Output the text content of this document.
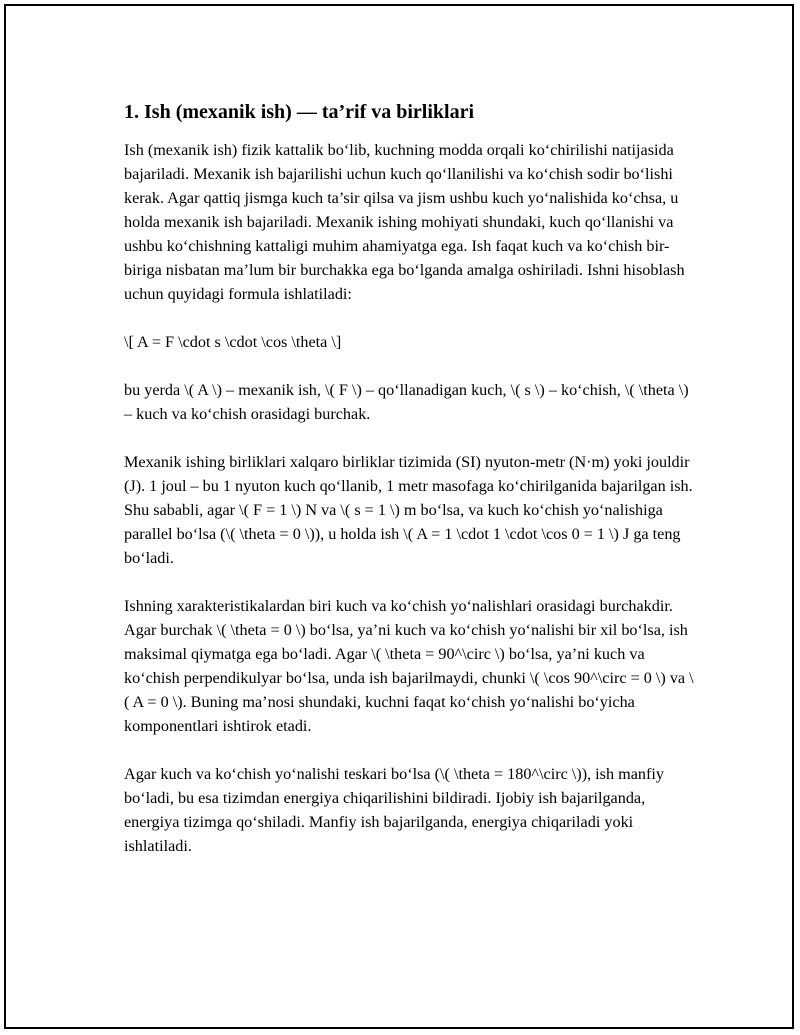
1. Ish (mexanik ish) — ta’rif va birliklari

Ish (mexanik ish) fizik kattalik bo‘lib, kuchning modda orqali ko‘chirilishi natijasida bajariladi. Mexanik ish bajarilishi uchun kuch qo‘llanilishi va ko‘chish sodir bo‘lishi kerak. Agar qattiq jismga kuch ta’sir qilsa va jism ushbu kuch yo‘nalishida ko‘chsa, u holda mexanik ish bajariladi. Mexanik ishing mohiyati shundaki, kuch qo‘llanishi va ushbu ko‘chishning kattaligi muhim ahamiyatga ega. Ish faqat kuch va ko‘chish bir-biriga nisbatan ma’lum bir burchakka ega bo‘lganda amalga oshiriladi. Ishni hisoblash uchun quyidagi formula ishlatiladi:

\[ A = F \cdot s \cdot \cos \theta \]

bu yerda \( A \) – mexanik ish, \( F \) – qo‘llanadigan kuch, \( s \) – ko‘chish, \( \theta \) – kuch va ko‘chish orasidagi burchak.

Mexanik ishing birliklari xalqaro birliklar tizimida (SI) nyuton-metr (N·m) yoki jouldir (J). 1 joul – bu 1 nyuton kuch qo‘llanib, 1 metr masofaga ko‘chirilganida bajarilgan ish. Shu sababli, agar \( F = 1 \) N va \( s = 1 \) m bo‘lsa, va kuch ko‘chish yo‘nalishiga parallel bo‘lsa (\( \theta = 0 \)), u holda ish \( A = 1 \cdot 1 \cdot \cos 0 = 1 \) J ga teng bo‘ladi.

Ishning xarakteristikalardan biri kuch va ko‘chish yo‘nalishlari orasidagi burchakdir. Agar burchak \( \theta = 0 \) bo‘lsa, ya’ni kuch va ko‘chish yo‘nalishi bir xil bo‘lsa, ish maksimal qiymatga ega bo‘ladi. Agar \( \theta = 90^\circ \) bo‘lsa, ya’ni kuch va ko‘chish perpendikulyar bo‘lsa, unda ish bajarilmaydi, chunki \( \cos 90^\circ = 0 \) va \( A = 0 \). Buning ma’nosi shundaki, kuchni faqat ko‘chish yo‘nalishi bo‘yicha komponentlari ishtirok etadi.

Agar kuch va ko‘chish yo‘nalishi teskari bo‘lsa (\( \theta = 180^\circ \)), ish manfiy bo‘ladi, bu esa tizimdan energiya chiqarilishini bildiradi. Ijobiy ish bajarilganda, energiya tizimga qo‘shiladi. Manfiy ish bajarilganda, energiya chiqariladi yoki ishlatiladi.
